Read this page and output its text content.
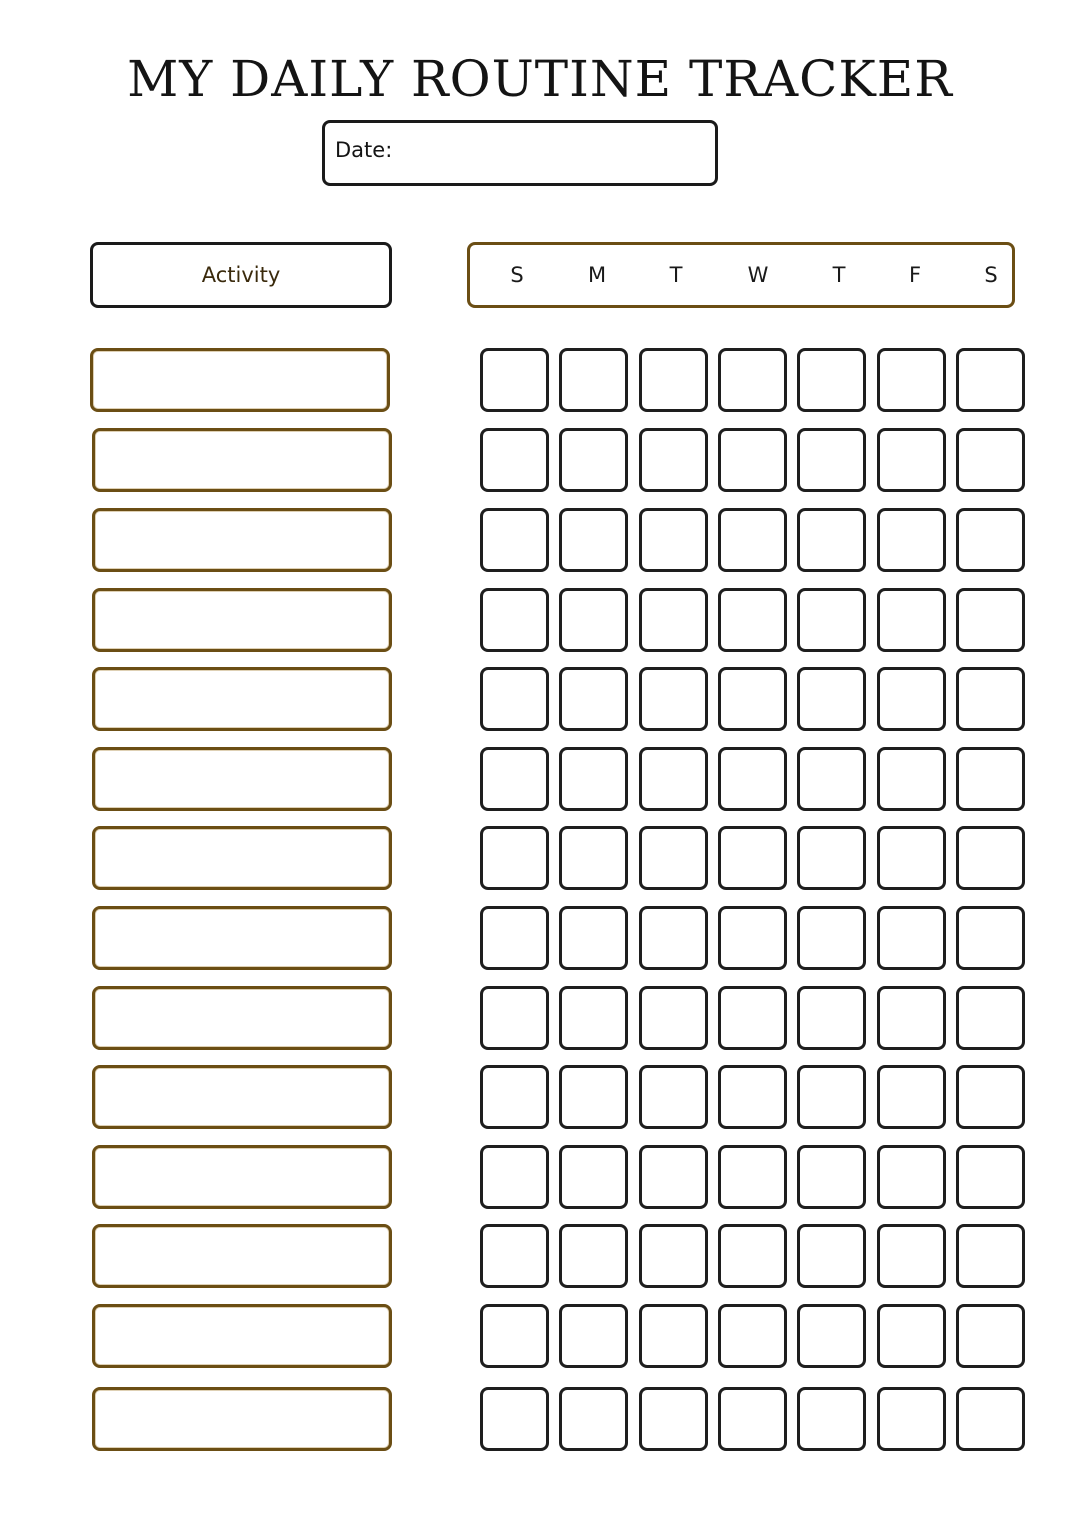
MY DAILY ROUTINE TRACKER
Date:
Activity	S	M	T	W	T	F	S
